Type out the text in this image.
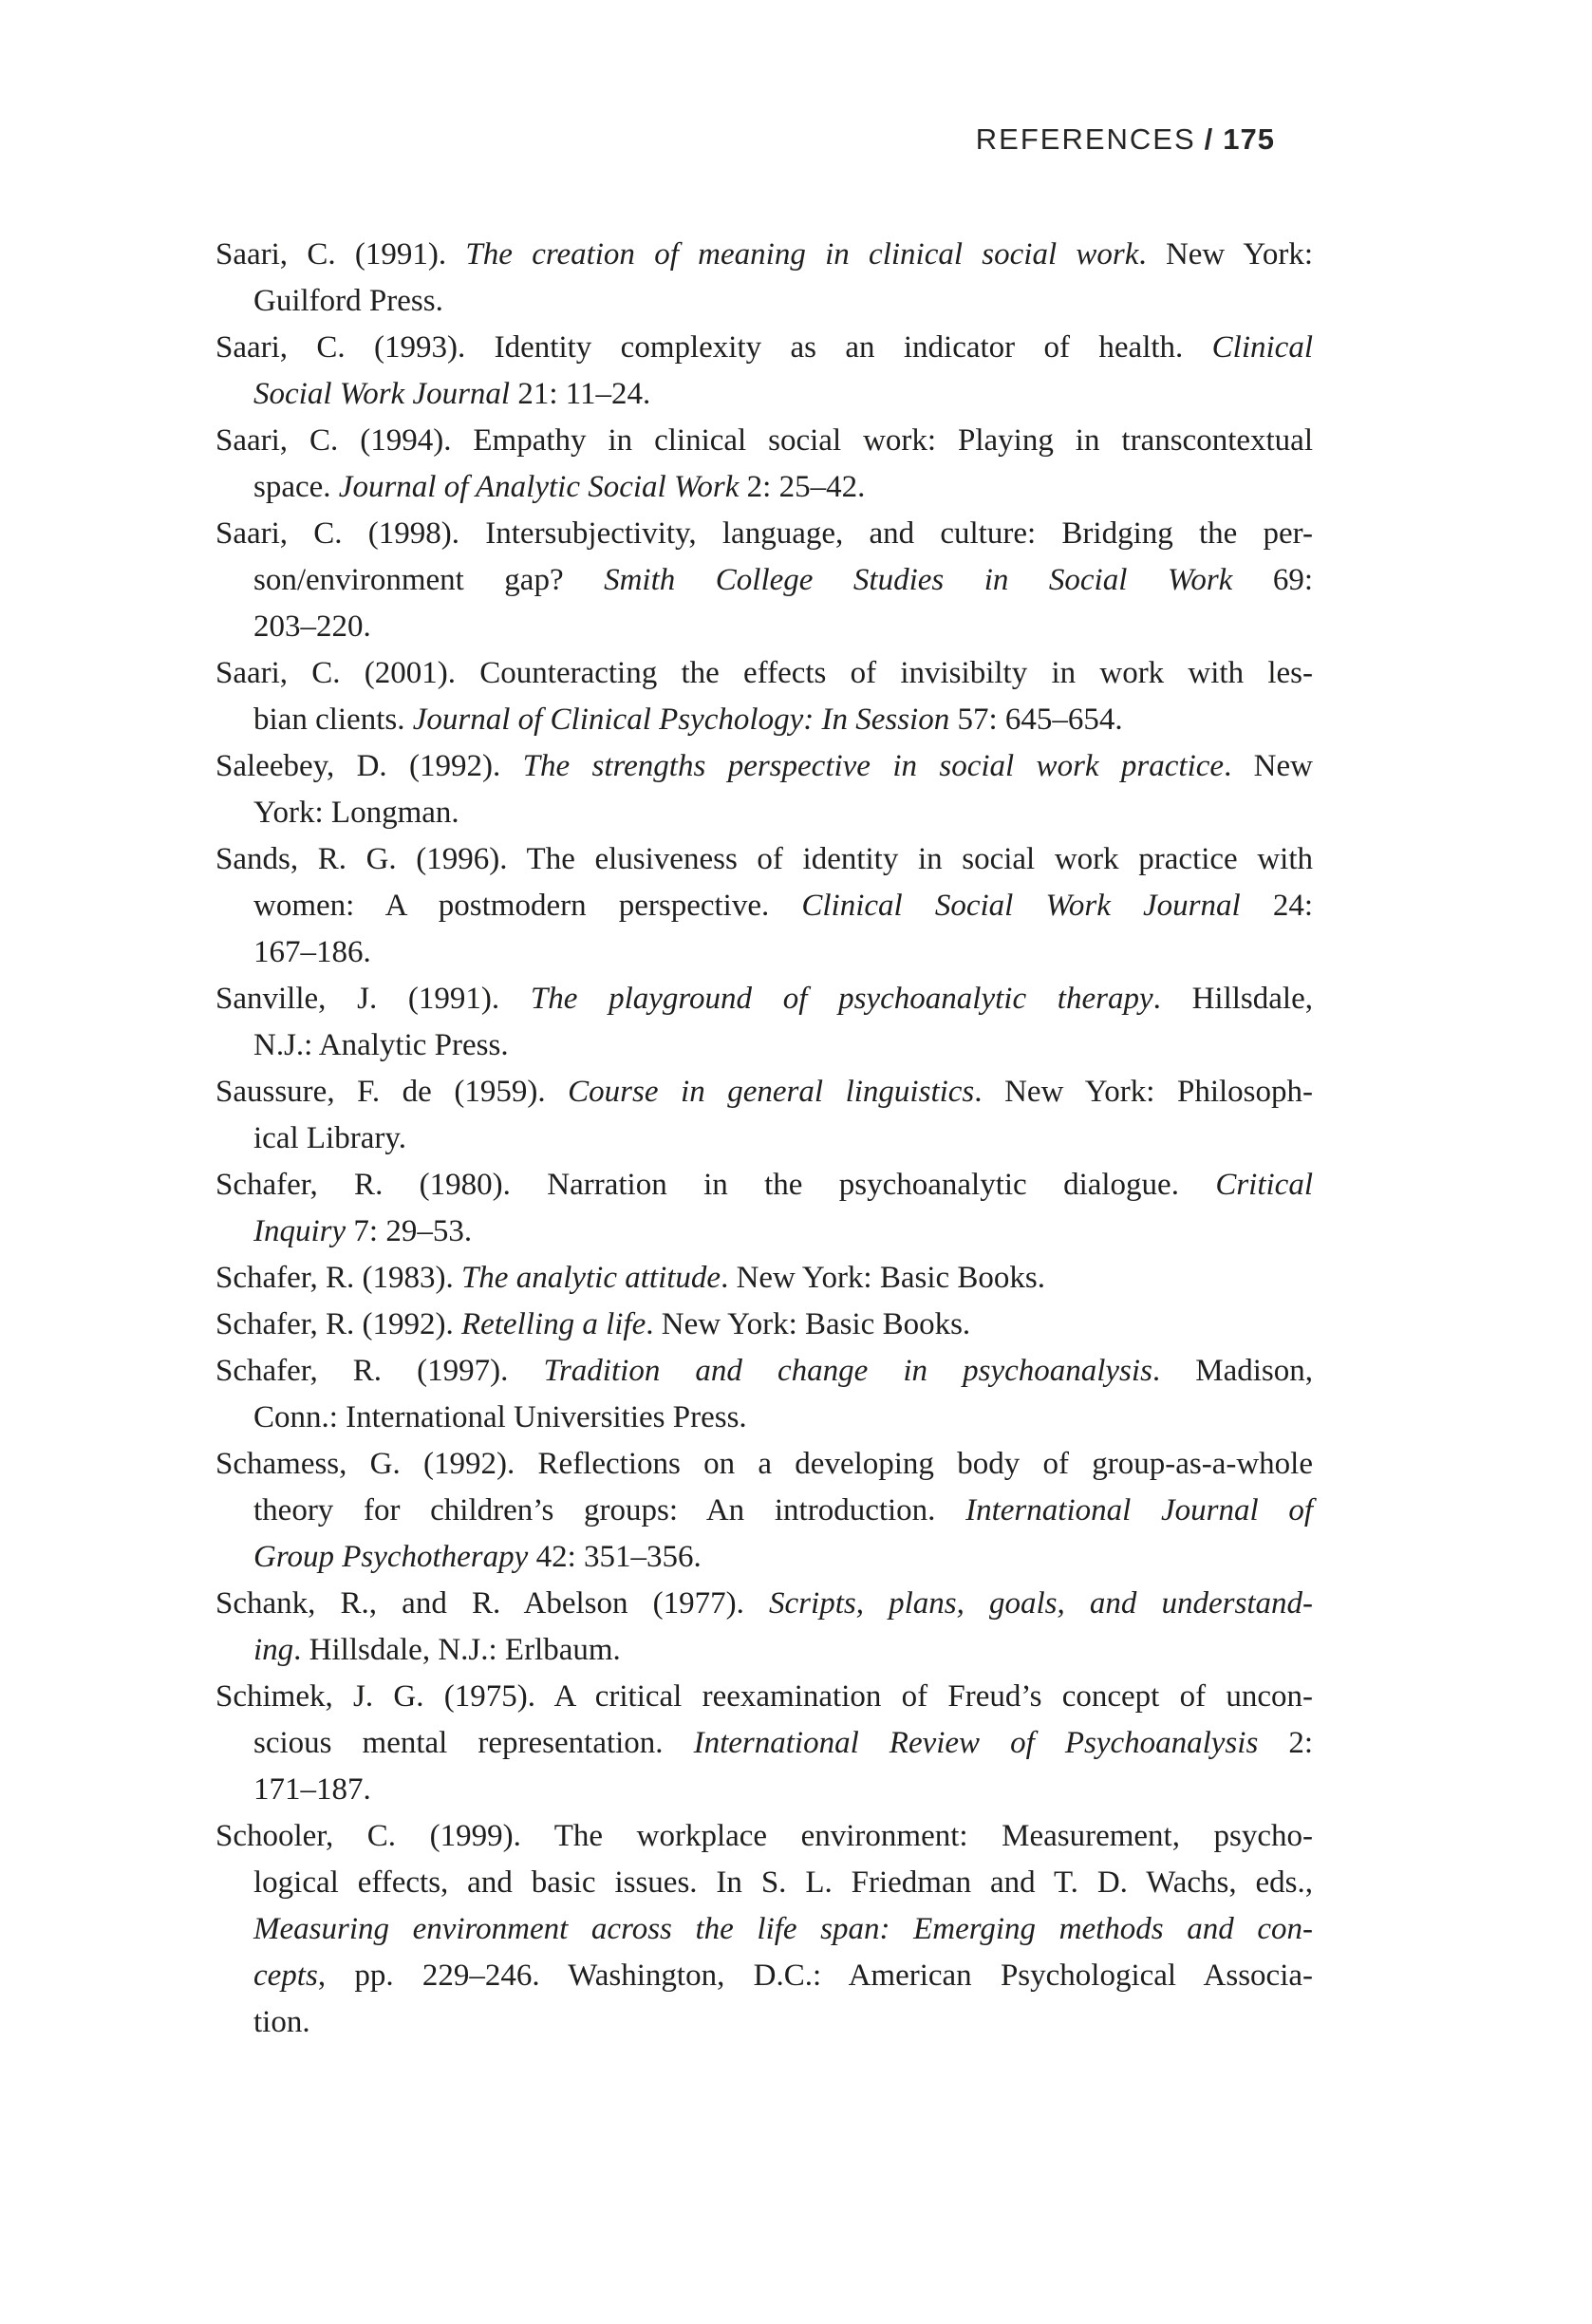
REFERENCES / 175
Saari, C. (1991). The creation of meaning in clinical social work. New York:
Guilford Press.
Saari, C. (1993). Identity complexity as an indicator of health. Clinical
Social Work Journal 21: 11–24.
Saari, C. (1994). Empathy in clinical social work: Playing in transcontextual
space. Journal of Analytic Social Work 2: 25–42.
Saari, C. (1998). Intersubjectivity, language, and culture: Bridging the per-
son/environment gap? Smith College Studies in Social Work 69:
203–220.
Saari, C. (2001). Counteracting the effects of invisibilty in work with les-
bian clients. Journal of Clinical Psychology: In Session 57: 645–654.
Saleebey, D. (1992). The strengths perspective in social work practice. New
York: Longman.
Sands, R. G. (1996). The elusiveness of identity in social work practice with
women: A postmodern perspective. Clinical Social Work Journal 24:
167–186.
Sanville, J. (1991). The playground of psychoanalytic therapy. Hillsdale,
N.J.: Analytic Press.
Saussure, F. de (1959). Course in general linguistics. New York: Philosoph-
ical Library.
Schafer, R. (1980). Narration in the psychoanalytic dialogue. Critical
Inquiry 7: 29–53.
Schafer, R. (1983). The analytic attitude. New York: Basic Books.
Schafer, R. (1992). Retelling a life. New York: Basic Books.
Schafer, R. (1997). Tradition and change in psychoanalysis. Madison,
Conn.: International Universities Press.
Schamess, G. (1992). Reflections on a developing body of group-as-a-whole
theory for children’s groups: An introduction. International Journal of
Group Psychotherapy 42: 351–356.
Schank, R., and R. Abelson (1977). Scripts, plans, goals, and understand-
ing. Hillsdale, N.J.: Erlbaum.
Schimek, J. G. (1975). A critical reexamination of Freud’s concept of uncon-
scious mental representation. International Review of Psychoanalysis 2:
171–187.
Schooler, C. (1999). The workplace environment: Measurement, psycho-
logical effects, and basic issues. In S. L. Friedman and T. D. Wachs, eds.,
Measuring environment across the life span: Emerging methods and con-
cepts, pp. 229–246. Washington, D.C.: American Psychological Associa-
tion.
